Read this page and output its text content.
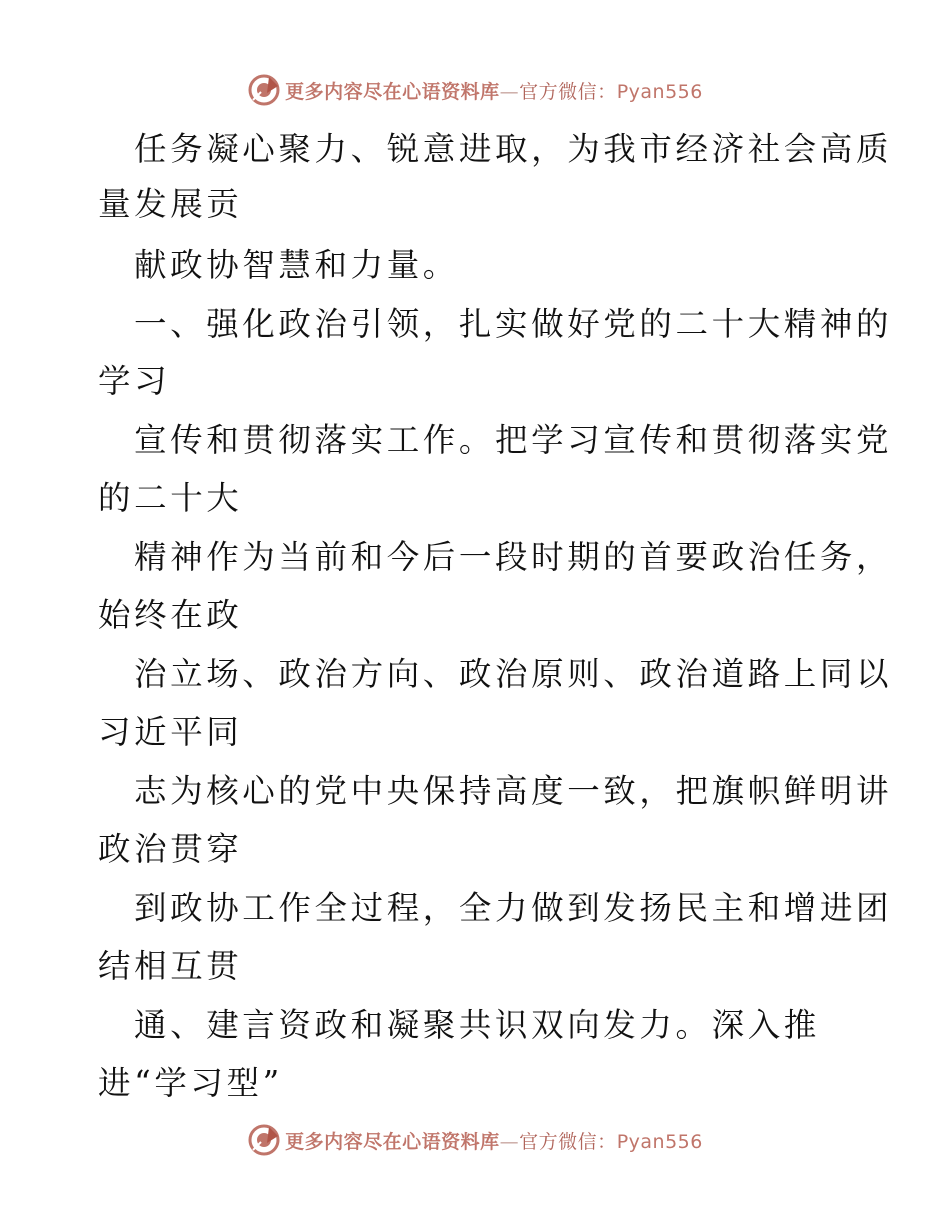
更多内容尽在心语资料库—官方微信：Pyan556
任务凝心聚力、锐意进取，为我市经济社会高质
量发展贡
献政协智慧和力量。
一、强化政治引领，扎实做好党的二十大精神的
学习
宣传和贯彻落实工作。把学习宣传和贯彻落实党
的二十大
精神作为当前和今后一段时期的首要政治任务，
始终在政
治立场、政治方向、政治原则、政治道路上同以
习近平同
志为核心的党中央保持高度一致，把旗帜鲜明讲
政治贯穿
到政协工作全过程，全力做到发扬民主和增进团
结相互贯
通、建言资政和凝聚共识双向发力。深入推
进“学习型”
更多内容尽在心语资料库—官方微信：Pyan556
